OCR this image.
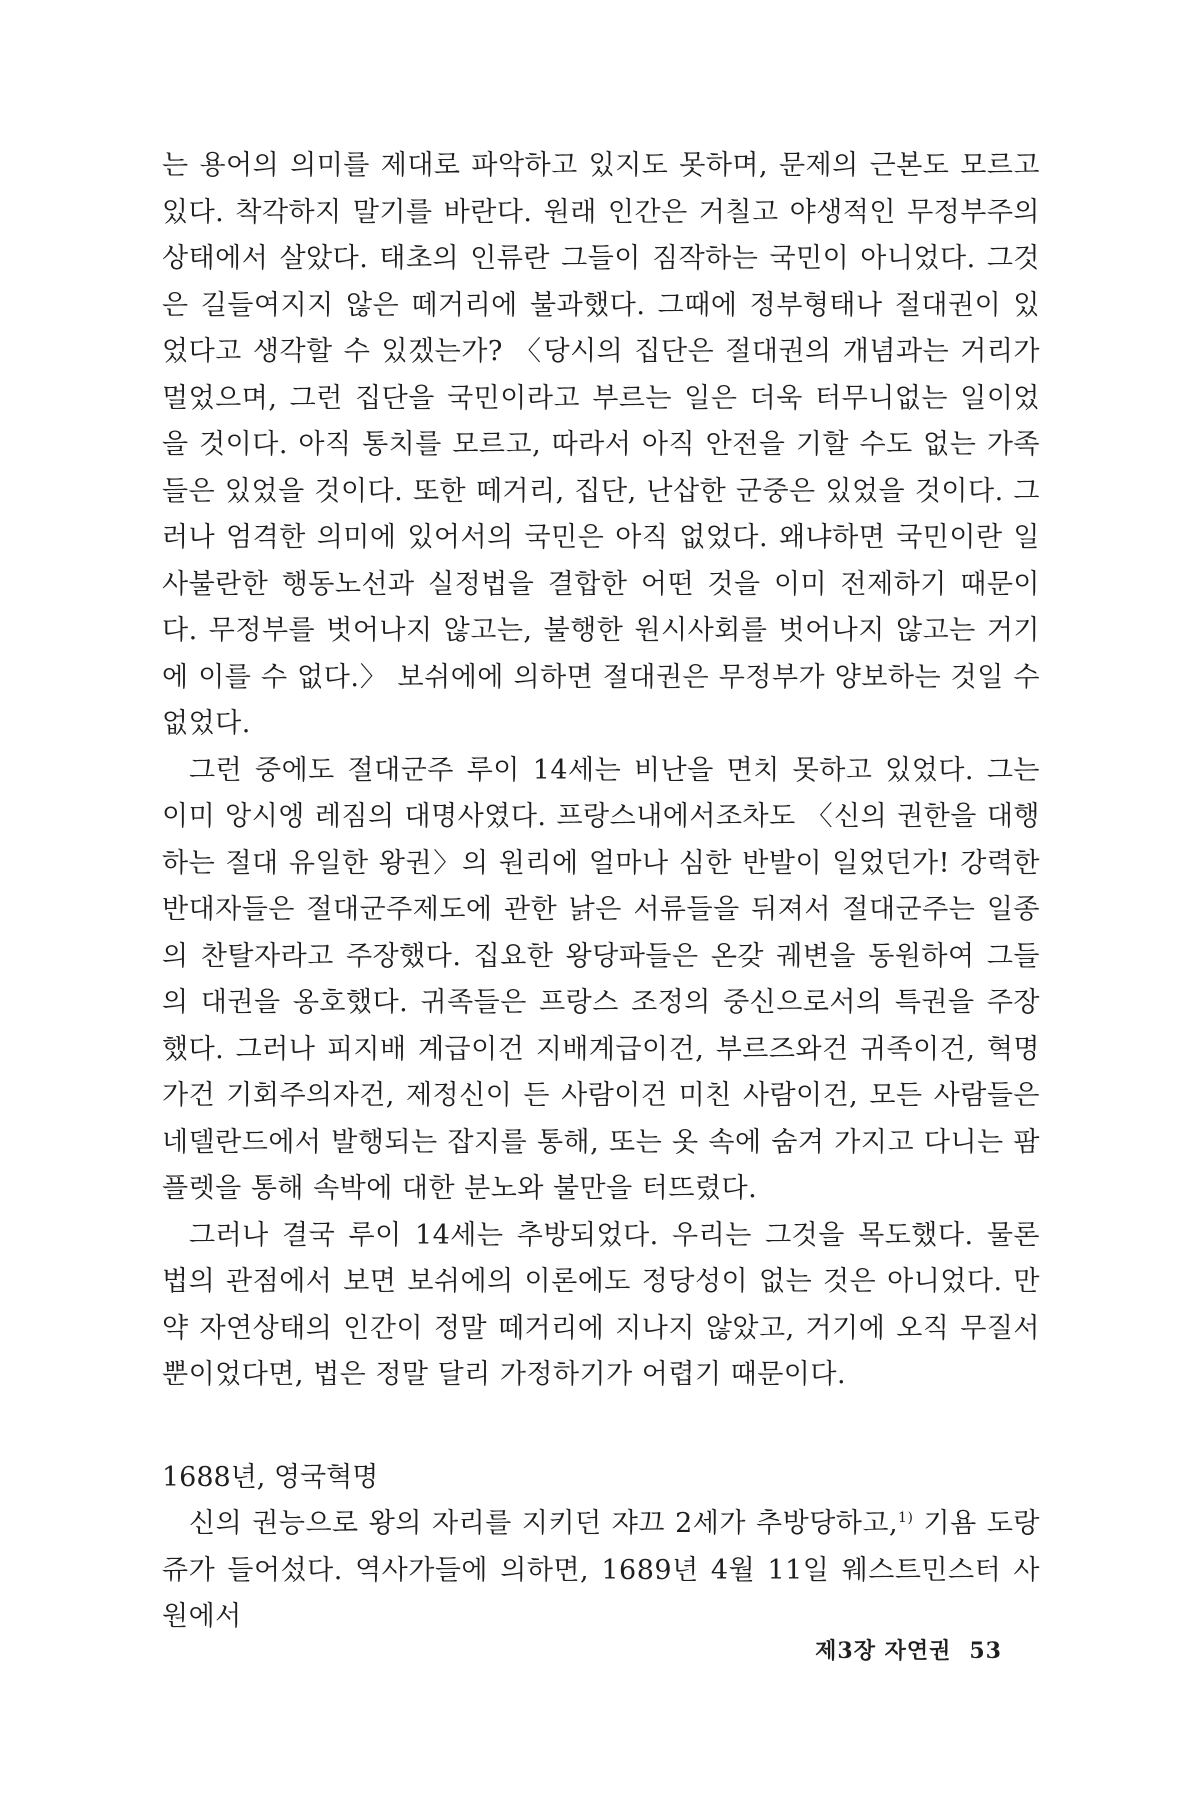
는 용어의 의미를 제대로 파악하고 있지도 못하며, 문제의 근본도 모르고 있다. 착각하지 말기를 바란다. 원래 인간은 거칠고 야생적인 무정부주의 상태에서 살았다. 태초의 인류란 그들이 짐작하는 국민이 아니었다. 그것은 길들여지지 않은 떼거리에 불과했다. 그때에 정부형태나 절대권이 있었다고 생각할 수 있겠는가? 〈당시의 집단은 절대권의 개념과는 거리가 멀었으며, 그런 집단을 국민이라고 부르는 일은 더욱 터무니없는 일이었을 것이다. 아직 통치를 모르고, 따라서 아직 안전을 기할 수도 없는 가족들은 있었을 것이다. 또한 떼거리, 집단, 난삽한 군중은 있었을 것이다. 그러나 엄격한 의미에 있어서의 국민은 아직 없었다. 왜냐하면 국민이란 일사불란한 행동노선과 실정법을 결합한 어떤 것을 이미 전제하기 때문이다. 무정부를 벗어나지 않고는, 불행한 원시사회를 벗어나지 않고는 거기에 이를 수 없다.〉 보쉬에에 의하면 절대권은 무정부가 양보하는 것일 수 없었다.

그런 중에도 절대군주 루이 14세는 비난을 면치 못하고 있었다. 그는 이미 앙시엥 레짐의 대명사였다. 프랑스내에서조차도 〈신의 권한을 대행하는 절대 유일한 왕권〉의 원리에 얼마나 심한 반발이 일었던가! 강력한 반대자들은 절대군주제도에 관한 낡은 서류들을 뒤져서 절대군주는 일종의 찬탈자라고 주장했다. 집요한 왕당파들은 온갖 궤변을 동원하여 그들의 대권을 옹호했다. 귀족들은 프랑스 조정의 중신으로서의 특권을 주장했다. 그러나 피지배 계급이건 지배계급이건, 부르즈와건 귀족이건, 혁명가건 기회주의자건, 제정신이 든 사람이건 미친 사람이건, 모든 사람들은 네델란드에서 발행되는 잡지를 통해, 또는 옷 속에 숨겨 가지고 다니는 팜플렛을 통해 속박에 대한 분노와 불만을 터뜨렸다.

그러나 결국 루이 14세는 추방되었다. 우리는 그것을 목도했다. 물론 법의 관점에서 보면 보쉬에의 이론에도 정당성이 없는 것은 아니었다. 만약 자연상태의 인간이 정말 떼거리에 지나지 않았고, 거기에 오직 무질서뿐이었다면, 법은 정말 달리 가정하기가 어렵기 때문이다.

1688년, 영국혁명

신의 권능으로 왕의 자리를 지키던 쟈끄 2세가 추방당하고,$^{1)}$ 기욤 도랑쥬가 들어섰다. 역사가들에 의하면, 1689년 4월 11일 웨스트민스터 사원에서

제3장 자연권 53
